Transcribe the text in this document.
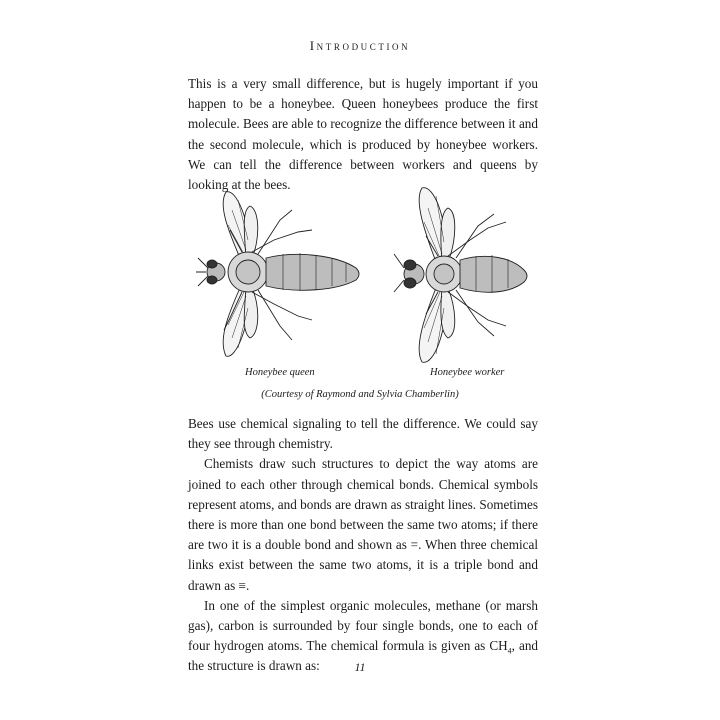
Introduction

This is a very small difference, but is hugely important if you happen to be a honeybee. Queen honeybees produce the first molecule. Bees are able to recognize the difference between it and the second molecule, which is produced by honeybee workers. We can tell the difference between workers and queens by looking at the bees.

Honeybee queen	Honeybee worker
(Courtesy of Raymond and Sylvia Chamberlin)

Bees use chemical signaling to tell the difference. We could say they see through chemistry.

Chemists draw such structures to depict the way atoms are joined to each other through chemical bonds. Chemical symbols represent atoms, and bonds are drawn as straight lines. Sometimes there is more than one bond between the same two atoms; if there are two it is a double bond and shown as =. When three chemical links exist between the same two atoms, it is a triple bond and drawn as ≡.

In one of the simplest organic molecules, methane (or marsh gas), carbon is surrounded by four single bonds, one to each of four hydrogen atoms. The chemical formula is given as $CH_4$, and the structure is drawn as:	11
